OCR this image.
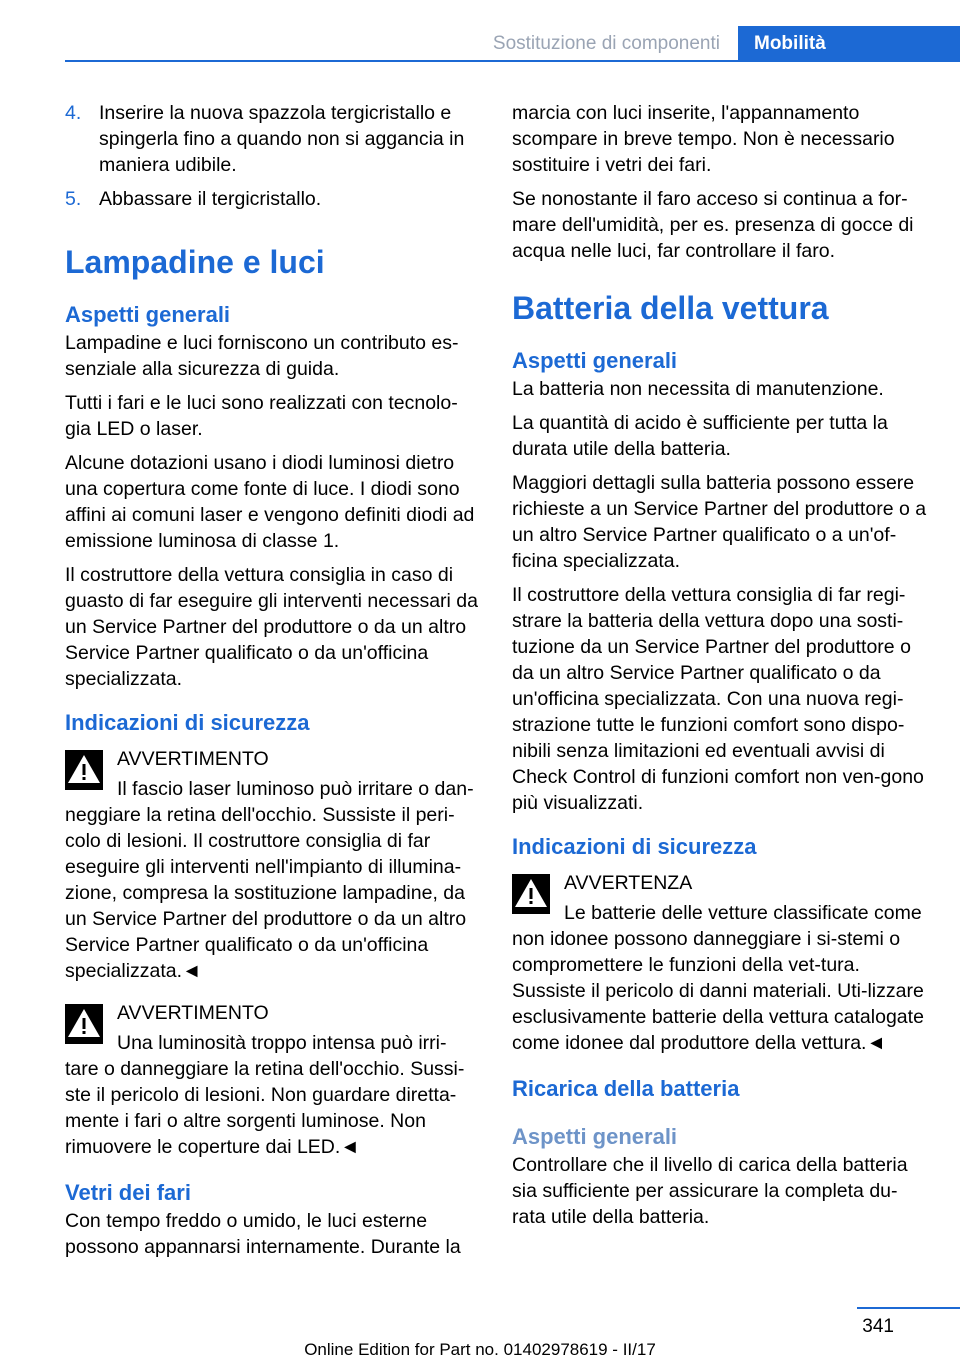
Sostituzione di componenti	Mobilità
4. Inserire la nuova spazzola tergicristallo e spingerla fino a quando non si aggancia in maniera udibile.
5. Abbassare il tergicristallo.
Lampadine e luci
Aspetti generali

Lampadine e luci forniscono un contributo es-senziale alla sicurezza di guida.

Tutti i fari e le luci sono realizzati con tecnolo-gia LED o laser.

Alcune dotazioni usano i diodi luminosi dietro una copertura come fonte di luce. I diodi sono affini ai comuni laser e vengono definiti diodi ad emissione luminosa di classe 1.

Il costruttore della vettura consiglia in caso di guasto di far eseguire gli interventi necessari da un Service Partner del produttore o da un altro Service Partner qualificato o da un'officina specializzata.

Indicazioni di sicurezza
AVVERTIMENTO

Il fascio laser luminoso può irritare o dan-neggiare la retina dell'occhio. Sussiste il peri-colo di lesioni. Il costruttore consiglia di far eseguire gli interventi nell'impianto di illumina-zione, compresa la sostituzione lampadine, da un Service Partner del produttore o da un altro Service Partner qualificato o da un'officina specializzata.◄

AVVERTIMENTO

Una luminosità troppo intensa può irri-tare o danneggiare la retina dell'occhio. Sussi-ste il pericolo di lesioni. Non guardare diretta-mente i fari o altre sorgenti luminose. Non rimuovere le coperture dai LED.◄

Vetri dei fari

Con tempo freddo o umido, le luci esterne possono appannarsi internamente. Durante la

marcia con luci inserite, l'appannamento scompare in breve tempo. Non è necessario sostituire i vetri dei fari.

Se nonostante il faro acceso si continua a for-mare dell'umidità, per es. presenza di gocce di acqua nelle luci, far controllare il faro.

Batteria della vettura
Aspetti generali

La batteria non necessita di manutenzione.

La quantità di acido è sufficiente per tutta la durata utile della batteria.

Maggiori dettagli sulla batteria possono essere richieste a un Service Partner del produttore o a un altro Service Partner qualificato o a un'of-ficina specializzata.

Il costruttore della vettura consiglia di far regi-strare la batteria della vettura dopo una sosti-tuzione da un Service Partner del produttore o da un altro Service Partner qualificato o da un'officina specializzata. Con una nuova regi-strazione tutte le funzioni comfort sono dispo-nibili senza limitazioni ed eventuali avvisi di Check Control di funzioni comfort non ven-gono più visualizzati.

Indicazioni di sicurezza
AVVERTENZA

Le batterie delle vetture classificate come non idonee possono danneggiare i si-stemi o compromettere le funzioni della vet-tura. Sussiste il pericolo di danni materiali. Uti-lizzare esclusivamente batterie della vettura catalogate come idonee dal produttore della vettura.◄

Ricarica della batteria
Aspetti generali

Controllare che il livello di carica della batteria sia sufficiente per assicurare la completa du-rata utile della batteria.

341
Online Edition for Part no. 01402978619 - II/17
